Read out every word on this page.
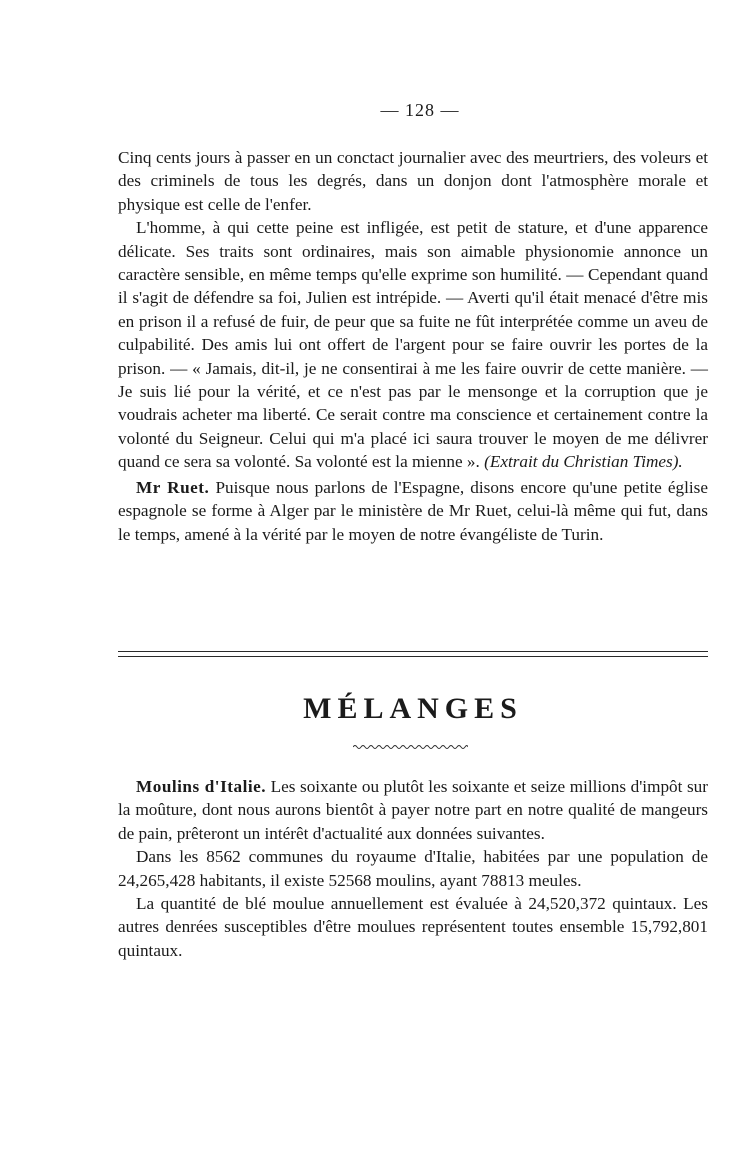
— 128 —

Cinq cents jours à passer en un conctact journalier avec des meurtriers, des voleurs et des criminels de tous les degrés, dans un donjon dont l'atmosphère morale et physique est celle de l'enfer.

L'homme, à qui cette peine est infligée, est petit de stature, et d'une apparence délicate. Ses traits sont ordinaires, mais son aimable physionomie annonce un caractère sensible, en même temps qu'elle exprime son humilité. — Cependant quand il s'agit de défendre sa foi, Julien est intrépide. — Averti qu'il était menacé d'être mis en prison il a refusé de fuir, de peur que sa fuite ne fût interprétée comme un aveu de culpabilité. Des amis lui ont offert de l'argent pour se faire ouvrir les portes de la prison. — « Jamais, dit-il, je ne consentirai à me les faire ouvrir de cette manière. — Je suis lié pour la vérité, et ce n'est pas par le mensonge et la corruption que je voudrais acheter ma liberté. Ce serait contre ma conscience et certainement contre la volonté du Seigneur. Celui qui m'a placé ici saura trouver le moyen de me délivrer quand ce sera sa volonté. Sa volonté est la mienne ». (Extrait du Christian Times).

Mr Ruet. Puisque nous parlons de l'Espagne, disons encore qu'une petite église espagnole se forme à Alger par le ministère de Mr Ruet, celui-là même qui fut, dans le temps, amené à la vérité par le moyen de notre évangéliste de Turin.

MÉLANGES

Moulins d'Italie. Les soixante ou plutôt les soixante et seize millions d'impôt sur la moûture, dont nous aurons bientôt à payer notre part en notre qualité de mangeurs de pain, prêteront un intérêt d'actualité aux données suivantes.

Dans les 8562 communes du royaume d'Italie, habitées par une population de 24,265,428 habitants, il existe 52568 moulins, ayant 78813 meules.

La quantité de blé moulue annuellement est évaluée à 24,520,372 quintaux. Les autres denrées susceptibles d'être moulues représentent toutes ensemble 15,792,801 quintaux.
